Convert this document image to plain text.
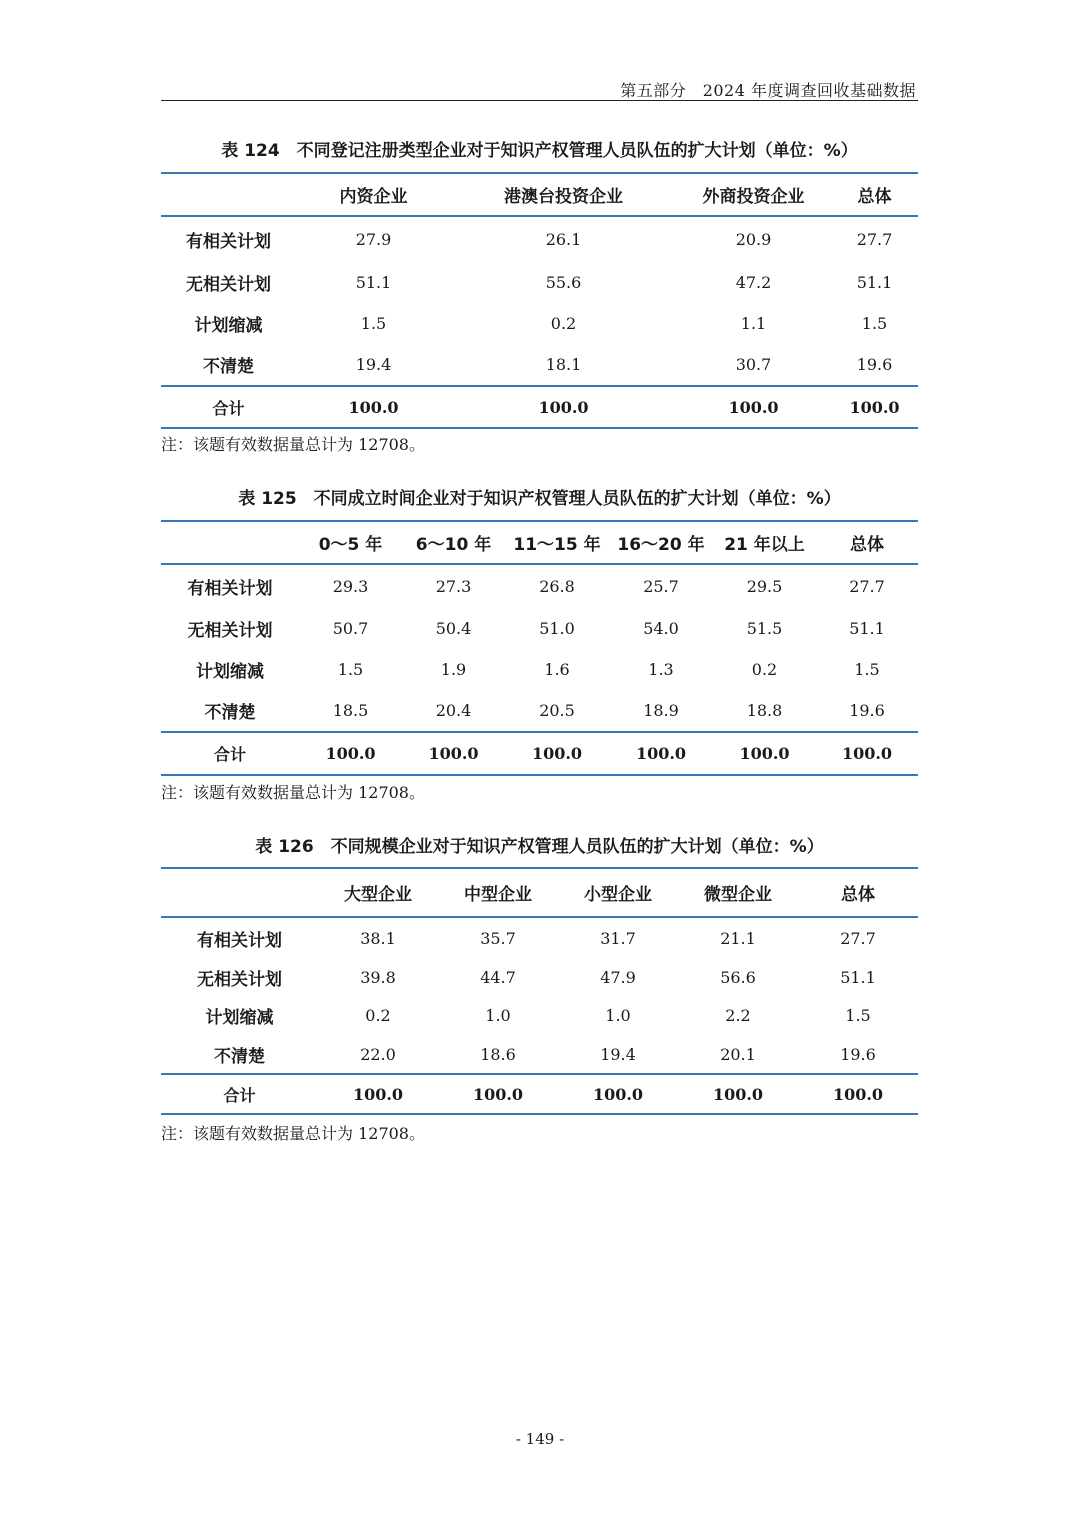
第五部分　2024 年度调查回收基础数据
表 124　不同登记注册类型企业对于知识产权管理人员队伍的扩大计划（单位：%）
	内资企业	港澳台投资企业	外商投资企业	总体
有相关计划	27.9	26.1	20.9	27.7
无相关计划	51.1	55.6	47.2	51.1
计划缩减	1.5	0.2	1.1	1.5
不清楚	19.4	18.1	30.7	19.6
合计	100.0	100.0	100.0	100.0
注：该题有效数据量总计为 12708。
表 125　不同成立时间企业对于知识产权管理人员队伍的扩大计划（单位：%）
	0～5 年	6～10 年	11～15 年	16～20 年	21 年以上	总体
有相关计划	29.3	27.3	26.8	25.7	29.5	27.7
无相关计划	50.7	50.4	51.0	54.0	51.5	51.1
计划缩减	1.5	1.9	1.6	1.3	0.2	1.5
不清楚	18.5	20.4	20.5	18.9	18.8	19.6
合计	100.0	100.0	100.0	100.0	100.0	100.0
注：该题有效数据量总计为 12708。
表 126　不同规模企业对于知识产权管理人员队伍的扩大计划（单位：%）
	大型企业	中型企业	小型企业	微型企业	总体
有相关计划	38.1	35.7	31.7	21.1	27.7
无相关计划	39.8	44.7	47.9	56.6	51.1
计划缩减	0.2	1.0	1.0	2.2	1.5
不清楚	22.0	18.6	19.4	20.1	19.6
合计	100.0	100.0	100.0	100.0	100.0
注：该题有效数据量总计为 12708。
- 149 -
